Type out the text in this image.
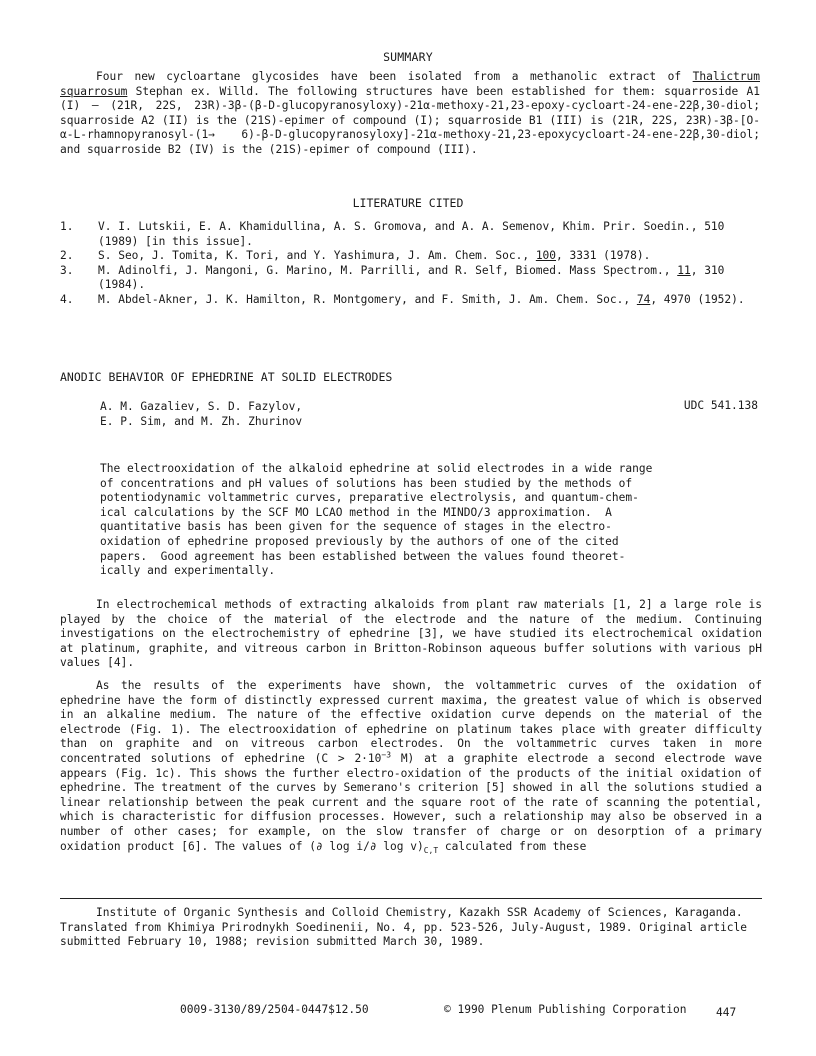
SUMMARY

Four new cycloartane glycosides have been isolated from a methanolic extract of Thalictrum squarrosum Stephan ex. Willd. The following structures have been established for them: squarroside A1 (I) — (21R, 22S, 23R)-3β-(β-D-glucopyranosyloxy)-21α-methoxy-21,23-epoxy-cycloart-24-ene-22β,30-diol; squarroside A2 (II) is the (21S)-epimer of compound (I); squarroside B1 (III) is (21R, 22S, 23R)-3β-[O-α-L-rhamnopyranosyl-(1→ 6)-β-D-glucopyranosyloxy]-21α-methoxy-21,23-epoxycycloart-24-ene-22β,30-diol; and squarroside B2 (IV) is the (21S)-epimer of compound (III).

LITERATURE CITED
1.	V. I. Lutskii, E. A. Khamidullina, A. S. Gromova, and A. A. Semenov, Khim. Prir. Soedin., 510 (1989) [in this issue].
2.	S. Seo, J. Tomita, K. Tori, and Y. Yashimura, J. Am. Chem. Soc., 100, 3331 (1978).
3.	M. Adinolfi, J. Mangoni, G. Marino, M. Parrilli, and R. Self, Biomed. Mass Spectrom., 11, 310 (1984).
4.	M. Abdel-Akner, J. K. Hamilton, R. Montgomery, and F. Smith, J. Am. Chem. Soc., 74, 4970 (1952).
ANODIC BEHAVIOR OF EPHEDRINE AT SOLID ELECTRODES
A. M. Gazaliev, S. D. Fazylov,
E. P. Sim, and M. Zh. Zhurinov
UDC 541.138
The electrooxidation of the alkaloid ephedrine at solid electrodes in a wide range
of concentrations and pH values of solutions has been studied by the methods of
potentiodynamic voltammetric curves, preparative electrolysis, and quantum-chem-
ical calculations by the SCF MO LCAO method in the MINDO/3 approximation.  A
quantitative basis has been given for the sequence of stages in the electro-
oxidation of ephedrine proposed previously by the authors of one of the cited
papers.  Good agreement has been established between the values found theoret-
ically and experimentally.

In electrochemical methods of extracting alkaloids from plant raw materials [1, 2] a large role is played by the choice of the material of the electrode and the nature of the medium. Continuing investigations on the electrochemistry of ephedrine [3], we have studied its electrochemical oxidation at platinum, graphite, and vitreous carbon in Britton-Robinson aqueous buffer solutions with various pH values [4].

As the results of the experiments have shown, the voltammetric curves of the oxidation of ephedrine have the form of distinctly expressed current maxima, the greatest value of which is observed in an alkaline medium. The nature of the effective oxidation curve depends on the material of the electrode (Fig. 1). The electrooxidation of ephedrine on platinum takes place with greater difficulty than on graphite and on vitreous carbon electrodes. On the voltammetric curves taken in more concentrated solutions of ephedrine ($C > 2\cdot 10^{-3}$ M) at a graphite electrode a second electrode wave appears (Fig. 1c). This shows the further electro-oxidation of the products of the initial oxidation of ephedrine. The treatment of the curves by Semerano's criterion [5] showed in all the solutions studied a linear relationship between the peak current and the square root of the rate of scanning the potential, which is characteristic for diffusion processes. However, such a relationship may also be observed in a number of other cases; for example, on the slow transfer of charge or on desorption of a primary oxidation product [6]. The values of (∂ log i/∂ $\log v)_{C,T}$ calculated from these

Institute of Organic Synthesis and Colloid Chemistry, Kazakh SSR Academy of Sciences, Karaganda. Translated from Khimiya Prirodnykh Soedinenii, No. 4, pp. 523-526, July-August, 1989. Original article submitted February 10, 1988; revision submitted March 30, 1989.

0009-3130/89/2504-0447$12.50	© 1990 Plenum Publishing Corporation	447
